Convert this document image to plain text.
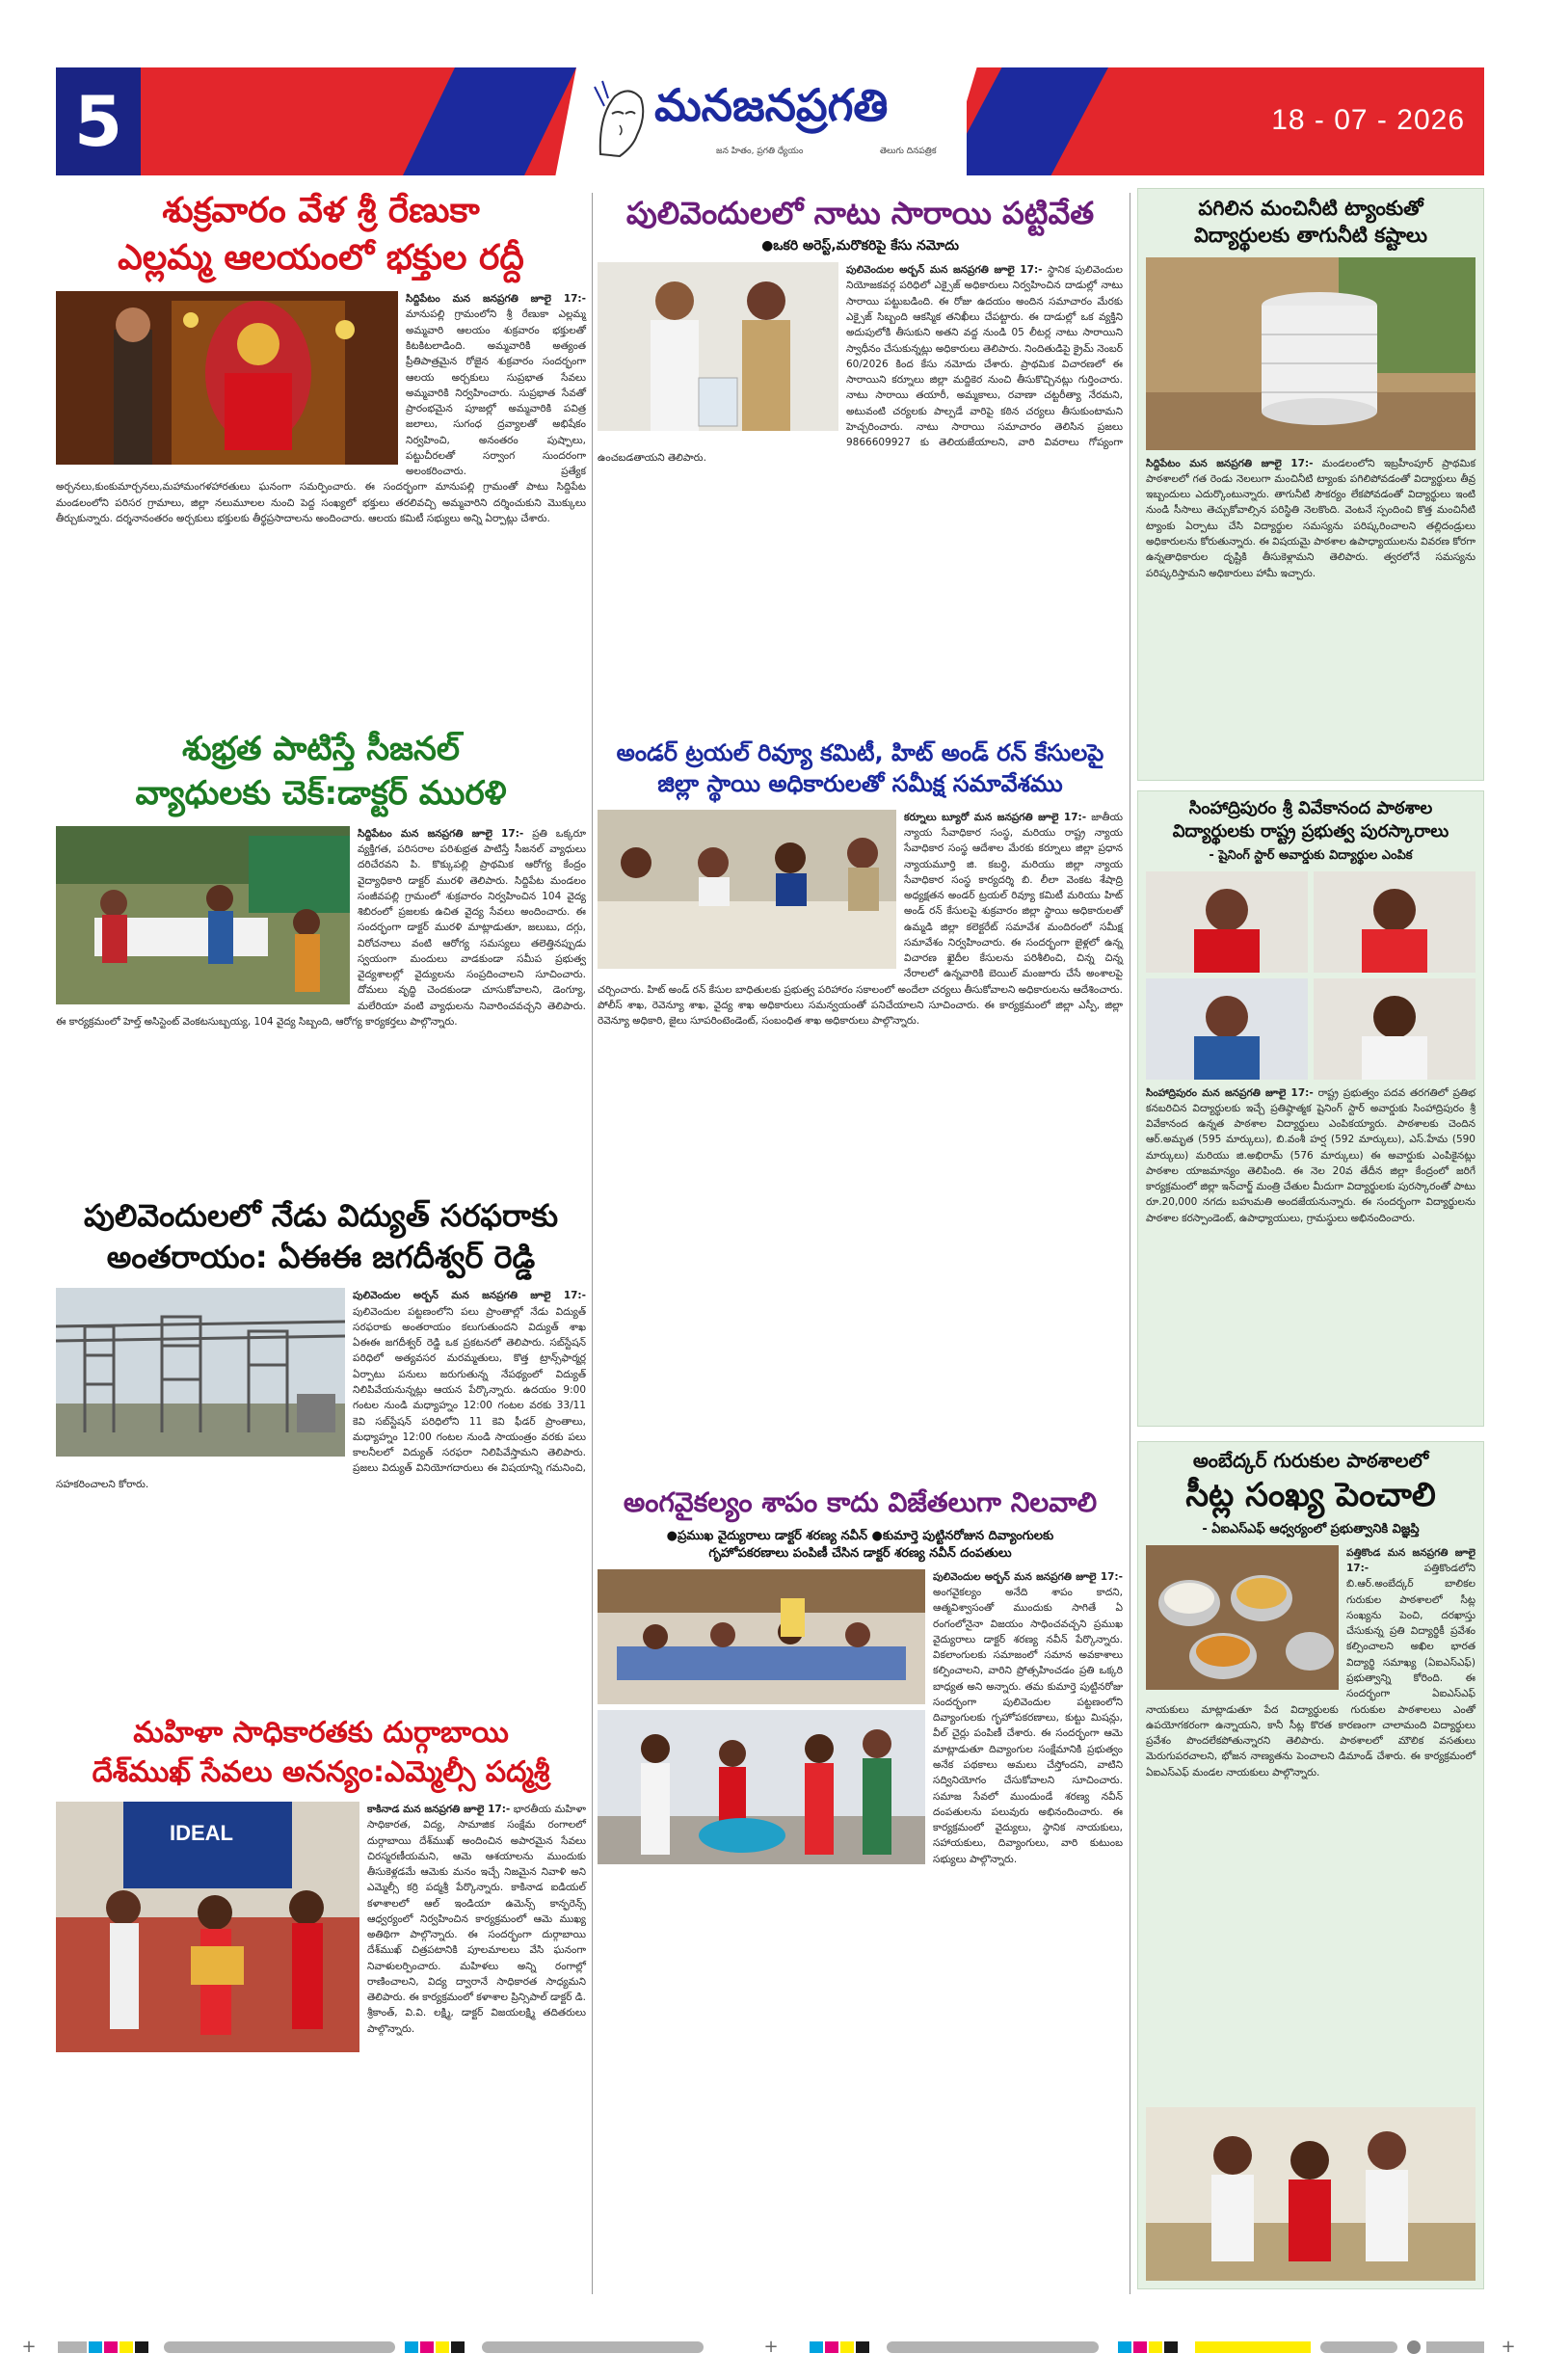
5	18 - 07 - 2026
మనజనప్రగతి
జన హితం, ప్రగతి ధ్యేయం	తెలుగు దినపత్రిక
శుక్రవారం వేళ శ్రీ రేణుకా
ఎల్లమ్మ ఆలయంలో భక్తుల రద్దీ

సిద్దిపేటం మన జనప్రగతి జూలై 17:- మానుపల్లి గ్రామంలోని శ్రీ రేణుకా ఎల్లమ్మ అమ్మవారి ఆలయం శుక్రవారం భక్తులతో కిటకిటలాడింది. అమ్మవారికి అత్యంత ప్రీతిపాత్రమైన రోజైన శుక్రవారం సందర్భంగా ఆలయ అర్చకులు సుప్రభాత సేవలు అమ్మవారికి నిర్వహించారు. సుప్రభాత సేవతో ప్రారంభమైన పూజల్లో అమ్మవారికి పవిత్ర జలాలు, సుగంధ ద్రవ్యాలతో అభిషేకం నిర్వహించి, అనంతరం పుష్పాలు, పట్టుచీరలతో సర్వాంగ సుందరంగా అలంకరించారు. ప్రత్యేక అర్చనలు,కుంకుమార్చనలు,మహామంగళహారతులు ఘనంగా సమర్పించారు. ఈ సందర్భంగా మానుపల్లి గ్రామంతో పాటు సిద్దిపేట మండలంలోని పరిసర గ్రామాలు, జిల్లా నలుమూలల నుంచి పెద్ద సంఖ్యలో భక్తులు తరలివచ్చి అమ్మవారిని దర్శించుకుని మొక్కులు తీర్చుకున్నారు. దర్శనానంతరం అర్చకులు భక్తులకు తీర్థప్రసాదాలను అందించారు. ఆలయ కమిటీ సభ్యులు అన్ని ఏర్పాట్లు చేశారు.

శుభ్రత పాటిస్తే సీజనల్
వ్యాధులకు చెక్:డాక్టర్ మురళి

సిద్దిపేటం మన జనప్రగతి జూలై 17:- ప్రతి ఒక్కరూ వ్యక్తిగత, పరిసరాల పరిశుభ్రత పాటిస్తే సీజనల్ వ్యాధులు దరిచేరవని పి. కొక్కుపల్లి ప్రాథమిక ఆరోగ్య కేంద్రం వైద్యాధికారి డాక్టర్ మురళి తెలిపారు. సిద్దిపేట మండలం సంజీవపల్లి గ్రామంలో శుక్రవారం నిర్వహించిన 104 వైద్య శిబిరంలో ప్రజలకు ఉచిత వైద్య సేవలు అందించారు. ఈ సందర్భంగా డాక్టర్ మురళి మాట్లాడుతూ, జలుబు, దగ్గు, విరోచనాలు వంటి ఆరోగ్య సమస్యలు తలెత్తినప్పుడు స్వయంగా మందులు వాడకుండా సమీప ప్రభుత్వ వైద్యశాలల్లో వైద్యులను సంప్రదించాలని సూచించారు. దోమలు వృద్ధి చెందకుండా చూసుకోవాలని, డెంగ్యూ, మలేరియా వంటి వ్యాధులను నివారించవచ్చని తెలిపారు. ఈ కార్యక్రమంలో హెల్త్ అసిస్టెంట్ వెంకటసుబ్బయ్య, 104 వైద్య సిబ్బంది, ఆరోగ్య కార్యకర్తలు పాల్గొన్నారు.

పులివెందులలో నేడు విద్యుత్ సరఫరాకు
అంతరాయం: ఏఈఈ జగదీశ్వర్ రెడ్డి

పులివెందుల అర్బన్ మన జనప్రగతి జూలై 17:- పులివెందుల పట్టణంలోని పలు ప్రాంతాల్లో నేడు విద్యుత్ సరఫరాకు అంతరాయం కలుగుతుందని విద్యుత్ శాఖ ఏఈఈ జగదీశ్వర్ రెడ్డి ఒక ప్రకటనలో తెలిపారు. సబ్‌స్టేషన్ పరిధిలో అత్యవసర మరమ్మతులు, కొత్త ట్రాన్స్‌ఫార్మర్ల ఏర్పాటు పనులు జరుగుతున్న నేపథ్యంలో విద్యుత్ నిలిపివేయనున్నట్లు ఆయన పేర్కొన్నారు. ఉదయం 9:00 గంటల నుండి మధ్యాహ్నం 12:00 గంటల వరకు 33/11 కెవి సబ్‌స్టేషన్ పరిధిలోని 11 కెవి ఫీడర్ ప్రాంతాలు, మధ్యాహ్నం 12:00 గంటల నుండి సాయంత్రం వరకు పలు కాలనీలలో విద్యుత్ సరఫరా నిలిపివేస్తామని తెలిపారు. ప్రజలు విద్యుత్ వినియోగదారులు ఈ విషయాన్ని గమనించి, సహకరించాలని కోరారు.

మహిళా సాధికారతకు దుర్గాబాయి
దేశ్‌ముఖ్ సేవలు అనన్యం:ఎమ్మెల్సీ పద్మశ్రీ
IDEAL

కాకినాడ మన జనప్రగతి జూలై 17:- భారతీయ మహిళా సాధికారత, విద్య, సామాజిక సంక్షేమ రంగాలలో దుర్గాబాయి దేశ్‌ముఖ్ అందించిన అపారమైన సేవలు చిరస్మరణీయమని, ఆమె ఆశయాలను ముందుకు తీసుకెళ్లడమే ఆమెకు మనం ఇచ్చే నిజమైన నివాళి అని ఎమ్మెల్సీ కర్రి పద్మశ్రీ పేర్కొన్నారు. కాకినాడ ఐడియల్ కళాశాలలో ఆల్ ఇండియా ఉమెన్స్ కాన్ఫరెన్స్ ఆధ్వర్యంలో నిర్వహించిన కార్యక్రమంలో ఆమె ముఖ్య అతిథిగా పాల్గొన్నారు. ఈ సందర్భంగా దుర్గాబాయి దేశ్‌ముఖ్ చిత్రపటానికి పూలమాలలు వేసి ఘనంగా నివాళులర్పించారు. మహిళలు అన్ని రంగాల్లో రాణించాలని, విద్య ద్వారానే సాధికారత సాధ్యమని తెలిపారు. ఈ కార్యక్రమంలో కళాశాల ప్రిన్సిపాల్ డాక్టర్ డి. శ్రీకాంత్, వి.వి. లక్ష్మి, డాక్టర్ విజయలక్ష్మి తదితరులు పాల్గొన్నారు.

పులివెందులలో నాటు సారాయి పట్టివేత
●ఒకరి అరెస్ట్,మరొకరిపై కేసు నమోదు

పులివెందుల అర్బన్ మన జనప్రగతి జూలై 17:- స్థానిక పులివెందుల నియోజకవర్గ పరిధిలో ఎక్సైజ్ అధికారులు నిర్వహించిన దాడుల్లో నాటు సారాయి పట్టుబడింది. ఈ రోజు ఉదయం అందిన సమాచారం మేరకు ఎక్సైజ్ సిబ్బంది ఆకస్మిక తనిఖీలు చేపట్టారు. ఈ దాడుల్లో ఒక వ్యక్తిని అదుపులోకి తీసుకుని అతని వద్ద నుండి 05 లీటర్ల నాటు సారాయిని స్వాధీనం చేసుకున్నట్లు అధికారులు తెలిపారు. నిందితుడిపై క్రైమ్ నెంబర్ 60/2026 కింద కేసు నమోదు చేశారు. ప్రాథమిక విచారణలో ఈ సారాయిని కర్నూలు జిల్లా మద్దికెర నుంచి తీసుకొచ్చినట్లు గుర్తించారు. నాటు సారాయి తయారీ, అమ్మకాలు, రవాణా చట్టరీత్యా నేరమని, అటువంటి చర్యలకు పాల్పడే వారిపై కఠిన చర్యలు తీసుకుంటామని హెచ్చరించారు. నాటు సారాయి సమాచారం తెలిసిన ప్రజలు 9866609927 కు తెలియజేయాలని, వారి వివరాలు గోప్యంగా ఉంచబడతాయని తెలిపారు.

అండర్ ట్రయల్ రివ్యూ కమిటీ, హిట్ అండ్ రన్ కేసులపై
జిల్లా స్థాయి అధికారులతో సమీక్ష సమావేశము

కర్నూలు బ్యూరో మన జనప్రగతి జూలై 17:- జాతీయ న్యాయ సేవాధికార సంస్థ, మరియు రాష్ట్ర న్యాయ సేవాధికార సంస్థ ఆదేశాల మేరకు కర్నూలు జిల్లా ప్రధాన న్యాయమూర్తి జి. కబర్ధి, మరియు జిల్లా న్యాయ సేవాధికార సంస్థ కార్యదర్శి బి. లీలా వెంకట శేషాద్రి అధ్యక్షతన అండర్ ట్రయల్ రివ్యూ కమిటీ మరియు హిట్ అండ్ రన్ కేసులపై శుక్రవారం జిల్లా స్థాయి అధికారులతో ఉమ్మడి జిల్లా కలెక్టరేట్ సమావేశ మందిరంలో సమీక్ష సమావేశం నిర్వహించారు. ఈ సందర్భంగా జైళ్లలో ఉన్న విచారణ ఖైదీల కేసులను పరిశీలించి, చిన్న చిన్న నేరాలలో ఉన్నవారికి బెయిల్ మంజూరు చేసే అంశాలపై చర్చించారు. హిట్ అండ్ రన్ కేసుల బాధితులకు ప్రభుత్వ పరిహారం సకాలంలో అందేలా చర్యలు తీసుకోవాలని అధికారులను ఆదేశించారు. పోలీస్ శాఖ, రెవెన్యూ శాఖ, వైద్య శాఖ అధికారులు సమన్వయంతో పనిచేయాలని సూచించారు. ఈ కార్యక్రమంలో జిల్లా ఎస్పీ, జిల్లా రెవెన్యూ అధికారి, జైలు సూపరింటెండెంట్, సంబంధిత శాఖ అధికారులు పాల్గొన్నారు.

అంగవైకల్యం శాపం కాదు విజేతలుగా నిలవాలి
●ప్రముఖ వైద్యురాలు డాక్టర్ శరణ్య నవీన్ ●కుమార్తె పుట్టినరోజున దివ్యాంగులకు
గృహోపకరణాలు పంపిణీ చేసిన డాక్టర్ శరణ్య నవీన్ దంపతులు

పులివెందుల అర్బన్ మన జనప్రగతి జూలై 17:- అంగవైకల్యం అనేది శాపం కాదని, ఆత్మవిశ్వాసంతో ముందుకు సాగితే ఏ రంగంలోనైనా విజయం సాధించవచ్చని ప్రముఖ వైద్యురాలు డాక్టర్ శరణ్య నవీన్ పేర్కొన్నారు. వికలాంగులకు సమాజంలో సమాన అవకాశాలు కల్పించాలని, వారిని ప్రోత్సహించడం ప్రతి ఒక్కరి బాధ్యత అని అన్నారు. తమ కుమార్తె పుట్టినరోజు సందర్భంగా పులివెందుల పట్టణంలోని దివ్యాంగులకు గృహోపకరణాలు, కుట్టు మిషన్లు, వీల్ చైర్లు పంపిణీ చేశారు. ఈ సందర్భంగా ఆమె మాట్లాడుతూ దివ్యాంగుల సంక్షేమానికి ప్రభుత్వం అనేక పథకాలు అమలు చేస్తోందని, వాటిని సద్వినియోగం చేసుకోవాలని సూచించారు. సమాజ సేవలో ముందుండే శరణ్య నవీన్ దంపతులను పలువురు అభినందించారు. ఈ కార్యక్రమంలో వైద్యులు, స్థానిక నాయకులు, సహాయకులు, దివ్యాంగులు, వారి కుటుంబ సభ్యులు పాల్గొన్నారు.

పగిలిన మంచినీటి ట్యాంకుతో
విద్యార్థులకు తాగునీటి కష్టాలు

సిద్దిపేటం మన జనప్రగతి జూలై 17:- మండలంలోని ఇబ్రహీంపూర్ ప్రాథమిక పాఠశాలలో గత రెండు నెలలుగా మంచినీటి ట్యాంకు పగిలిపోవడంతో విద్యార్థులు తీవ్ర ఇబ్బందులు ఎదుర్కొంటున్నారు. తాగునీటి సౌకర్యం లేకపోవడంతో విద్యార్థులు ఇంటి నుండి సీసాలు తెచ్చుకోవాల్సిన పరిస్థితి నెలకొంది. వెంటనే స్పందించి కొత్త మంచినీటి ట్యాంకు ఏర్పాటు చేసి విద్యార్థుల సమస్యను పరిష్కరించాలని తల్లిదండ్రులు అధికారులను కోరుతున్నారు. ఈ విషయమై పాఠశాల ఉపాధ్యాయులను వివరణ కోరగా ఉన్నతాధికారుల దృష్టికి తీసుకెళ్లామని తెలిపారు. త్వరలోనే సమస్యను పరిష్కరిస్తామని అధికారులు హామీ ఇచ్చారు.

సింహాద్రిపురం శ్రీ వివేకానంద పాఠశాల
విద్యార్థులకు రాష్ట్ర ప్రభుత్వ పురస్కారాలు
- షైనింగ్ స్టార్ అవార్డుకు విద్యార్థుల ఎంపిక

సింహాద్రిపురం మన జనప్రగతి జూలై 17:- రాష్ట్ర ప్రభుత్వం పదవ తరగతిలో ప్రతిభ కనబరిచిన విద్యార్థులకు ఇచ్చే ప్రతిష్ఠాత్మక షైనింగ్ స్టార్ అవార్డుకు సింహాద్రిపురం శ్రీ వివేకానంద ఉన్నత పాఠశాల విద్యార్థులు ఎంపికయ్యారు. పాఠశాలకు చెందిన ఆర్.అమృత (595 మార్కులు), బి.వంశీ హర్ష (592 మార్కులు), ఎస్.హేమ (590 మార్కులు) మరియు జి.అభిరామ్ (576 మార్కులు) ఈ అవార్డుకు ఎంపికైనట్లు పాఠశాల యాజమాన్యం తెలిపింది. ఈ నెల 20వ తేదీన జిల్లా కేంద్రంలో జరిగే కార్యక్రమంలో జిల్లా ఇన్‌చార్జ్ మంత్రి చేతుల మీదుగా విద్యార్థులకు పురస్కారంతో పాటు రూ.20,000 నగదు బహుమతి అందజేయనున్నారు. ఈ సందర్భంగా విద్యార్థులను పాఠశాల కరస్పాండెంట్, ఉపాధ్యాయులు, గ్రామస్థులు అభినందించారు.

అంబేద్కర్ గురుకుల పాఠశాలలో
సీట్ల సంఖ్య పెంచాలి
- ఏఐఎస్ఎఫ్ ఆధ్వర్యంలో ప్రభుత్వానికి విజ్ఞప్తి

పత్తికొండ మన జనప్రగతి జూలై 17:-	పత్తికొండలోని బి.ఆర్.అంబేద్కర్ బాలికల గురుకుల పాఠశాలలో సీట్ల సంఖ్యను పెంచి, దరఖాస్తు చేసుకున్న ప్రతి విద్యార్థికీ ప్రవేశం కల్పించాలని అఖిల భారత విద్యార్థి సమాఖ్య (ఏఐఎస్ఎఫ్) ప్రభుత్వాన్ని కోరింది. ఈ సందర్భంగా ఏఐఎస్ఎఫ్ నాయకులు మాట్లాడుతూ పేద విద్యార్థులకు గురుకుల పాఠశాలలు ఎంతో ఉపయోగకరంగా ఉన్నాయని, కానీ సీట్ల కొరత కారణంగా చాలామంది విద్యార్థులు ప్రవేశం పొందలేకపోతున్నారని తెలిపారు. పాఠశాలలో మౌలిక వసతులు మెరుగుపరచాలని, భోజన నాణ్యతను పెంచాలని డిమాండ్ చేశారు. ఈ కార్యక్రమంలో ఏఐఎస్ఎఫ్ మండల నాయకులు పాల్గొన్నారు.

+	+	+
